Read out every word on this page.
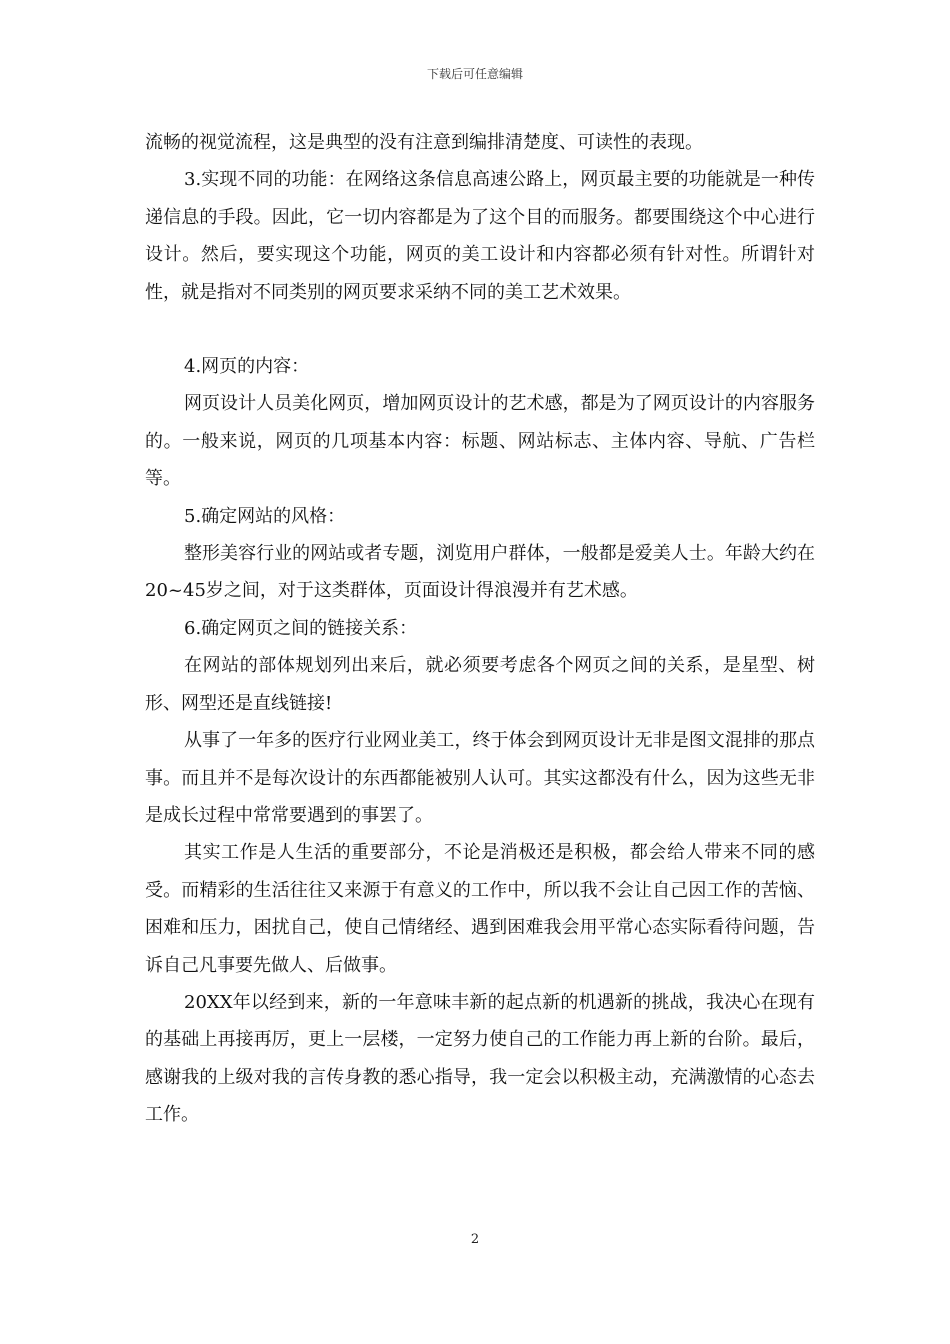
下载后可任意编辑

流畅的视觉流程，这是典型的没有注意到编排清楚度、可读性的表现。

3.实现不同的功能：在网络这条信息高速公路上，网页最主要的功能就是一种传递信息的手段。因此，它一切内容都是为了这个目的而服务。都要围绕这个中心进行设计。然后，要实现这个功能，网页的美工设计和内容都必须有针对性。所谓针对性，就是指对不同类别的网页要求采纳不同的美工艺术效果。

4.网页的内容：

网页设计人员美化网页，增加网页设计的艺术感，都是为了网页设计的内容服务的。一般来说，网页的几项基本内容：标题、网站标志、主体内容、导航、广告栏等。

5.确定网站的风格：

整形美容行业的网站或者专题，浏览用户群体，一般都是爱美人士。年龄大约在20~45岁之间，对于这类群体，页面设计得浪漫并有艺术感。

6.确定网页之间的链接关系：

在网站的部体规划列出来后，就必须要考虑各个网页之间的关系，是星型、树形、网型还是直线链接!

从事了一年多的医疗行业网业美工，终于体会到网页设计无非是图文混排的那点事。而且并不是每次设计的东西都能被别人认可。其实这都没有什么，因为这些无非是成长过程中常常要遇到的事罢了。

其实工作是人生活的重要部分，不论是消极还是积极，都会给人带来不同的感受。而精彩的生活往往又来源于有意义的工作中，所以我不会让自己因工作的苦恼、困难和压力，困扰自己，使自己情绪经、遇到困难我会用平常心态实际看待问题，告诉自己凡事要先做人、后做事。

20XX年以经到来，新的一年意味丰新的起点新的机遇新的挑战，我决心在现有的基础上再接再厉，更上一层楼，一定努力使自己的工作能力再上新的台阶。最后，感谢我的上级对我的言传身教的悉心指导，我一定会以积极主动，充满激情的心态去工作。

2
